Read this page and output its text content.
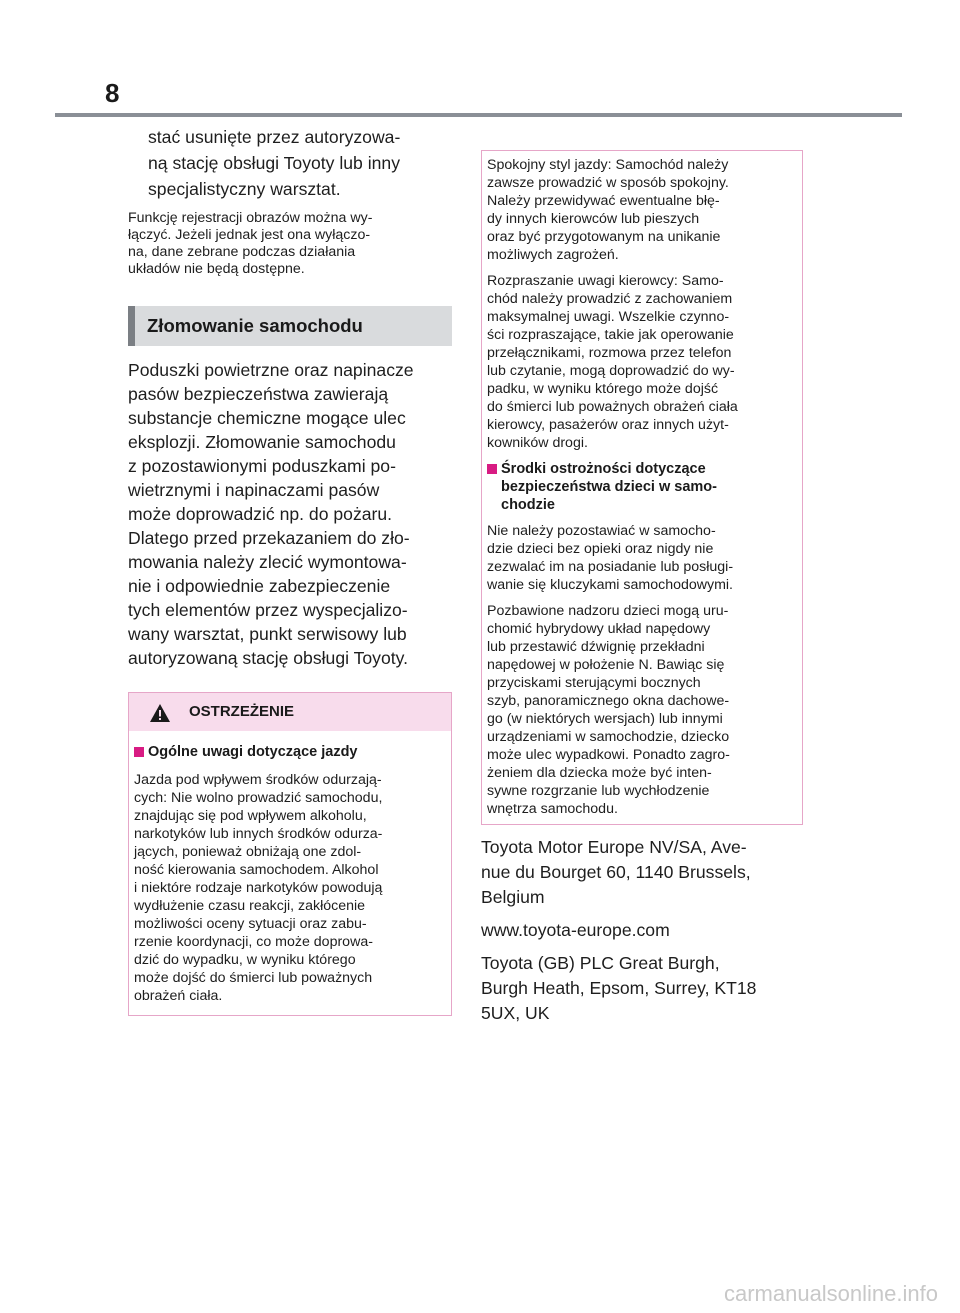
8

stać usunięte przez autoryzowa-
ną stację obsługi Toyoty lub inny
specjalistyczny warsztat.

Funkcję rejestracji obrazów można wy-
łączyć. Jeżeli jednak jest ona wyłączo-
na, dane zebrane podczas działania
układów nie będą dostępne.

Złomowanie samochodu

Poduszki powietrzne oraz napinacze
pasów bezpieczeństwa zawierają
substancje chemiczne mogące ulec
eksplozji. Złomowanie samochodu
z pozostawionymi poduszkami po-
wietrznymi i napinaczami pasów
może doprowadzić np. do pożaru.
Dlatego przed przekazaniem do zło-
mowania należy zlecić wymontowa-
nie i odpowiednie zabezpieczenie
tych elementów przez wyspecjalizo-
wany warsztat, punkt serwisowy lub
autoryzowaną stację obsługi Toyoty.

OSTRZEŻENIE

Ogólne uwagi dotyczące jazdy

Jazda pod wpływem środków odurzają-
cych: Nie wolno prowadzić samochodu,
znajdując się pod wpływem alkoholu,
narkotyków lub innych środków odurza-
jących, ponieważ obniżają one zdol-
ność kierowania samochodem. Alkohol
i niektóre rodzaje narkotyków powodują
wydłużenie czasu reakcji, zakłócenie
możliwości oceny sytuacji oraz zabu-
rzenie koordynacji, co może doprowa-
dzić do wypadku, w wyniku którego
może dojść do śmierci lub poważnych
obrażeń ciała.

Spokojny styl jazdy: Samochód należy
zawsze prowadzić w sposób spokojny.
Należy przewidywać ewentualne błę-
dy innych kierowców lub pieszych
oraz być przygotowanym na unikanie
możliwych zagrożeń.

Rozpraszanie uwagi kierowcy: Samo-
chód należy prowadzić z zachowaniem
maksymalnej uwagi. Wszelkie czynno-
ści rozpraszające, takie jak operowanie
przełącznikami, rozmowa przez telefon
lub czytanie, mogą doprowadzić do wy-
padku, w wyniku którego może dojść
do śmierci lub poważnych obrażeń ciała
kierowcy, pasażerów oraz innych użyt-
kowników drogi.

Środki ostrożności dotyczące
bezpieczeństwa dzieci w samo-
chodzie

Nie należy pozostawiać w samocho-
dzie dzieci bez opieki oraz nigdy nie
zezwalać im na posiadanie lub posługi-
wanie się kluczykami samochodowymi.

Pozbawione nadzoru dzieci mogą uru-
chomić hybrydowy układ napędowy
lub przestawić dźwignię przekładni
napędowej w położenie N. Bawiąc się
przyciskami sterującymi bocznych
szyb, panoramicznego okna dachowe-
go (w niektórych wersjach) lub innymi
urządzeniami w samochodzie, dziecko
może ulec wypadkowi. Ponadto zagro-
żeniem dla dziecka może być inten-
sywne rozgrzanie lub wychłodzenie
wnętrza samochodu.

Toyota Motor Europe NV/SA, Ave-
nue du Bourget 60, 1140 Brussels,
Belgium

www.toyota-europe.com

Toyota (GB) PLC Great Burgh,
Burgh Heath, Epsom, Surrey, KT18
5UX, UK

carmanualsonline.info
